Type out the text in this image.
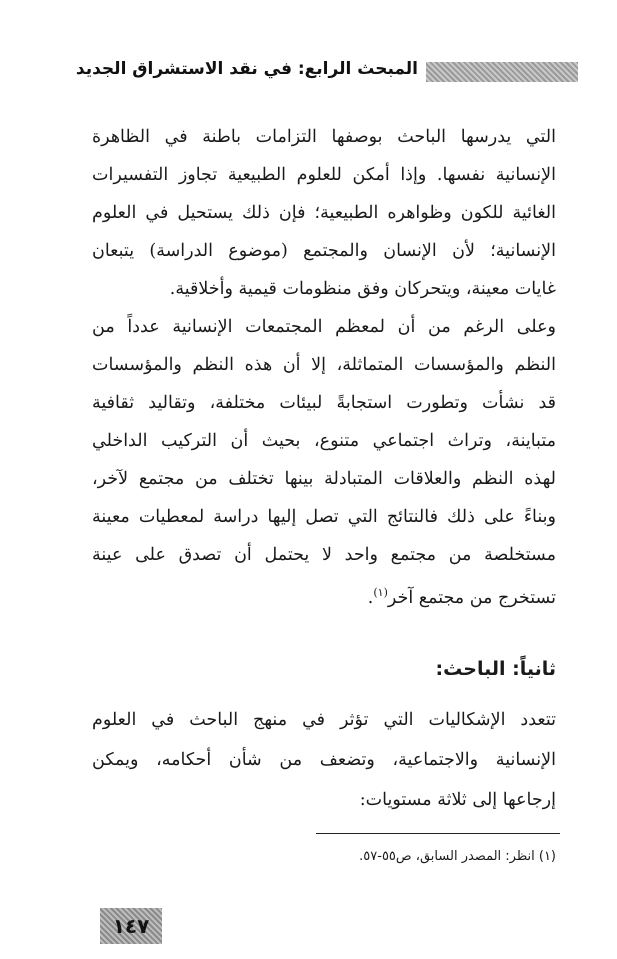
المبحث الرابع: في نقد الاستشراق الجديد
التي يدرسها الباحث بوصفها التزامات باطنة في الظاهرة
الإنسانية نفسها. وإذا أمكن للعلوم الطبيعية تجاوز التفسيرات
الغائية للكون وظواهره الطبيعية؛ فإن ذلك يستحيل في العلوم
الإنسانية؛ لأن الإنسان والمجتمع (موضوع الدراسة) يتبعان
غايات معينة، ويتحركان وفق منظومات قيمية وأخلاقية.
وعلى الرغم من أن لمعظم المجتمعات الإنسانية عدداً من
النظم والمؤسسات المتماثلة، إلا أن هذه النظم والمؤسسات
قد نشأت وتطورت استجابةً لبيئات مختلفة، وتقاليد ثقافية
متباينة، وتراث اجتماعي متنوع، بحيث أن التركيب الداخلي
لهذه النظم والعلاقات المتبادلة بينها تختلف من مجتمع لآخر،
وبناءً على ذلك فالنتائج التي تصل إليها دراسة لمعطيات معينة
مستخلصة من مجتمع واحد لا يحتمل أن تصدق على عينة
تستخرج من مجتمع آخر$^{(١)}$.
ثانياً: الباحث:
تتعدد الإشكاليات التي تؤثر في منهج الباحث في العلوم
الإنسانية والاجتماعية، وتضعف من شأن أحكامه، ويمكن
إرجاعها إلى ثلاثة مستويات:
(١) انظر: المصدر السابق، ص٥٥-٥٧.
١٤٧
